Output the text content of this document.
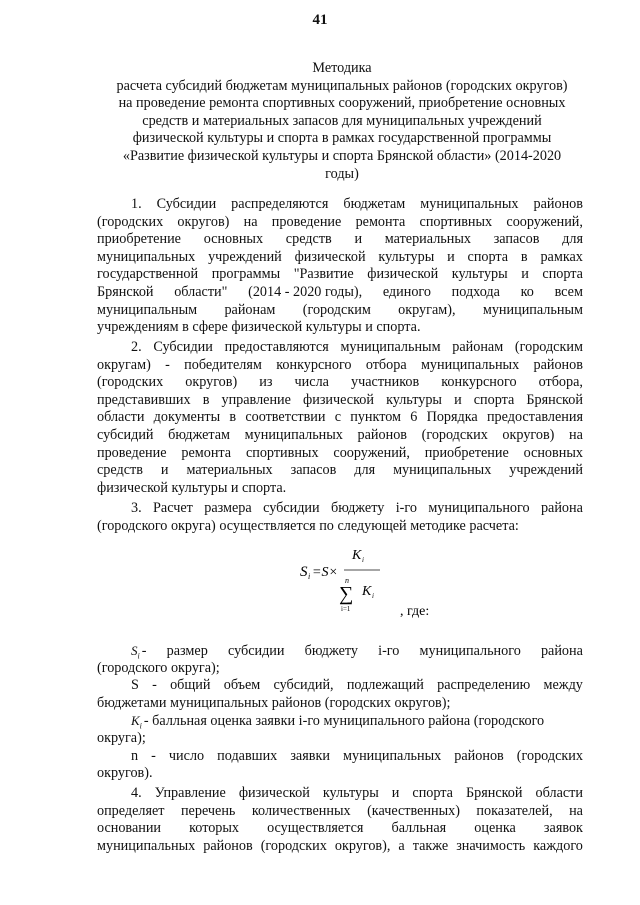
41
Методика
расчета субсидий бюджетам муниципальных районов (городских округов)
на проведение ремонта спортивных сооружений, приобретение основных
средств и материальных запасов для муниципальных учреждений
физической культуры и спорта в рамках государственной программы
«Развитие физической культуры и спорта Брянской области» (2014-2020
годы)
1. Субсидии распределяются бюджетам муниципальных районов
(городских округов) на проведение ремонта спортивных сооружений,
приобретение основных средств и материальных запасов для
муниципальных учреждений физической культуры и спорта в рамках
государственной программы "Развитие физической культуры и спорта
Брянской области" (2014 - 2020 годы), единого подхода ко всем
муниципальным районам (городским округам), муниципальным
учреждениям в сфере физической культуры и спорта.
2. Субсидии предоставляются муниципальным районам (городским
округам) - победителям конкурсного отбора муниципальных районов
(городских округов) из числа участников конкурсного отбора,
представивших в управление физической культуры и спорта Брянской
области документы в соответствии с пунктом 6 Порядка предоставления
субсидий бюджетам муниципальных районов (городских округов) на
проведение ремонта спортивных сооружений, приобретение основных
средств и материальных запасов для муниципальных учреждений
физической культуры и спорта.
3. Расчет размера субсидии бюджету i-го муниципального района
(городского округа) осуществляется по следующей методике расчета:
S i =S×
K i
n
∑
i=1
K i
, где:
$S_i$ - размер субсидии бюджету i-го муниципального района
(городского округа);
S - общий объем субсидий, подлежащий распределению между
бюджетами муниципальных районов (городских округов);
$K_i$ - балльная оценка заявки i-го муниципального района (городского
округа);
n - число подавших заявки муниципальных районов (городских
округов).
4. Управление физической культуры и спорта Брянской области
определяет перечень количественных (качественных) показателей, на
основании которых осуществляется балльная оценка заявок
муниципальных районов (городских округов), а также значимость каждого
